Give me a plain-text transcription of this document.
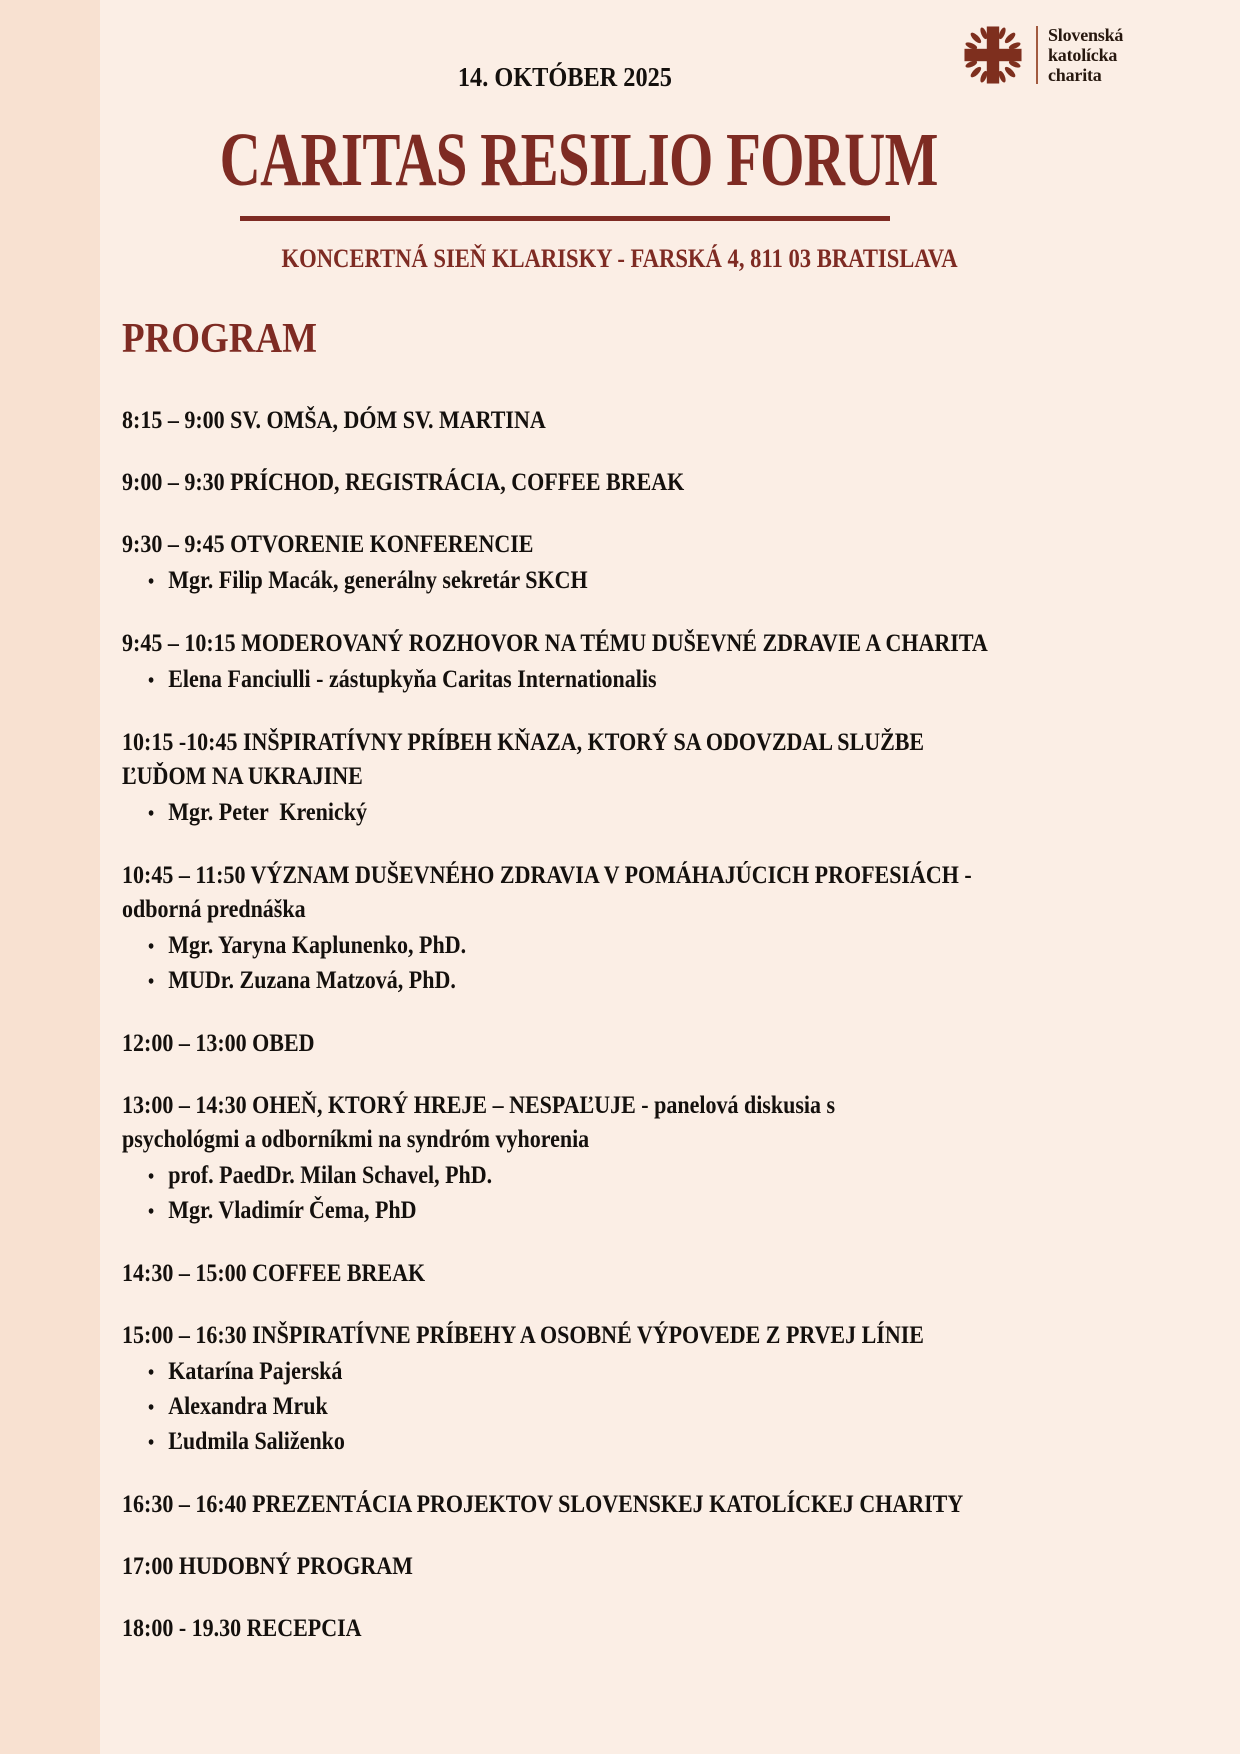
14. OKTÓBER 2025
Slovenská
katolícka
charita
CARITAS RESILIO FORUM
KONCERTNÁ SIEŇ KLARISKY - FARSKÁ 4, 811 03 BRATISLAVA
PROGRAM
8:15 – 9:00 SV. OMŠA, DÓM SV. MARTINA
9:00 – 9:30 PRÍCHOD, REGISTRÁCIA, COFFEE BREAK
9:30 – 9:45 OTVORENIE KONFERENCIE
• Mgr. Filip Macák, generálny sekretár SKCH
9:45 – 10:15 MODEROVANÝ ROZHOVOR NA TÉMU DUŠEVNÉ ZDRAVIE A CHARITA
• Elena Fanciulli - zástupkyňa Caritas Internationalis
10:15 -10:45 INŠPIRATÍVNY PRÍBEH KŇAZA, KTORÝ SA ODOVZDAL SLUŽBE
ĽUĎOM NA UKRAJINE
• Mgr. Peter  Krenický
10:45 – 11:50 VÝZNAM DUŠEVNÉHO ZDRAVIA V POMÁHAJÚCICH PROFESIÁCH -
odborná prednáška
• Mgr. Yaryna Kaplunenko, PhD.
• MUDr. Zuzana Matzová, PhD.
12:00 – 13:00 OBED
13:00 – 14:30 OHEŇ, KTORÝ HREJE – NESPAĽUJE - panelová diskusia s
psychológmi a odborníkmi na syndróm vyhorenia
• prof. PaedDr. Milan Schavel, PhD.
• Mgr. Vladimír Čema, PhD
14:30 – 15:00 COFFEE BREAK
15:00 – 16:30 INŠPIRATÍVNE PRÍBEHY A OSOBNÉ VÝPOVEDE Z PRVEJ LÍNIE
• Katarína Pajerská
• Alexandra Mruk
• Ľudmila Saliženko
16:30 – 16:40 PREZENTÁCIA PROJEKTOV SLOVENSKEJ KATOLÍCKEJ CHARITY
17:00 HUDOBNÝ PROGRAM
18:00 - 19.30 RECEPCIA
